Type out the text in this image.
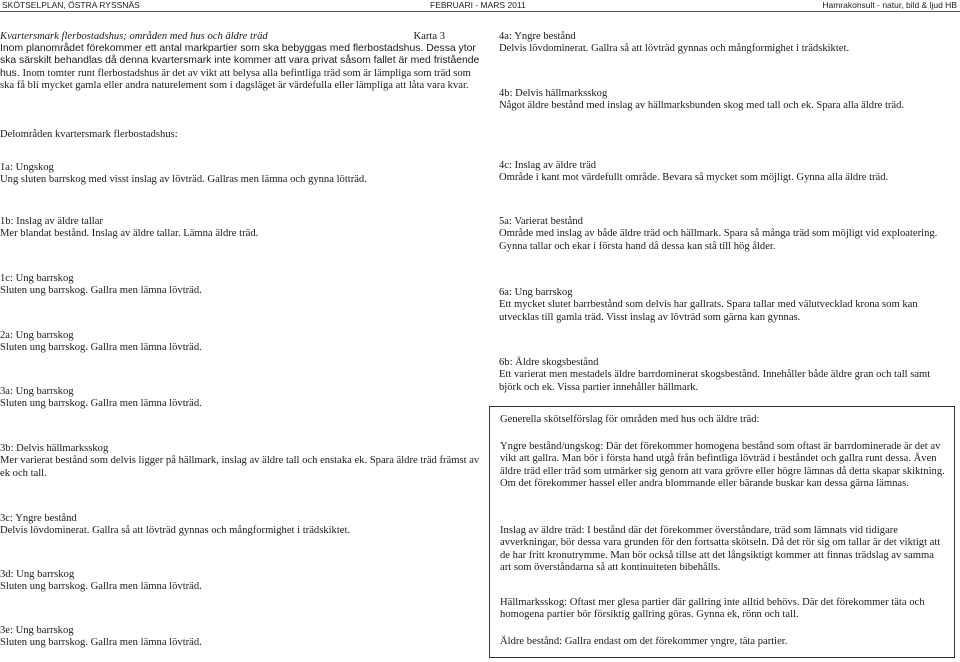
SKÖTSELPLAN, ÖSTRA RYSSNÄS	FEBRUARI - MARS 2011	Hamrakonsult - natur, bild & ljud HB

Kvartersmark flerbostadshus; områden med hus och äldre träd	Karta 3

Inom planområdet förekommer ett antal markpartier som ska bebyggas med flerbostadshus. Dessa ytor ska särskilt behandlas då denna kvartersmark inte kommer att vara privat såsom fallet är med fristående hus. Inom tomter runt flerbostadshus är det av vikt att belysa alla befintliga träd som är lämpliga som träd som ska få bli mycket gamla eller andra naturelement som i dagsläget är värdefulla eller lämpliga att låta vara kvar.

Delområden kvartersmark flerbostadshus:

1a: Ungskog

Ung sluten barrskog med visst inslag av lövträd. Gallras men lämna och gynna lötträd.

1b: Inslag av äldre tallar

Mer blandat bestånd. Inslag av äldre tallar. Lämna äldre träd.

1c: Ung barrskog

Sluten ung barrskog. Gallra men lämna lövträd.

2a: Ung barrskog

Sluten ung barrskog. Gallra men lämna lövträd.

3a: Ung barrskog

Sluten ung barrskog. Gallra men lämna lövträd.

3b: Delvis hällmarksskog

Mer varierat bestånd som delvis ligger på hällmark, inslag av äldre tall och enstaka ek. Spara äldre träd främst av ek och tall.

3c: Yngre bestånd

Delvis lövdominerat. Gallra så att lövträd gynnas och mångformighet i trädskiktet.

3d: Ung barrskog

Sluten ung barrskog. Gallra men lämna lövträd.

3e: Ung barrskog

Sluten ung barrskog. Gallra men lämna lövträd.

4a: Yngre bestånd

Delvis lövdominerat. Gallra så att lövträd gynnas och mångformighet i trädskiktet.

4b: Delvis hällmarksskog

Något äldre bestånd med inslag av hällmarksbunden skog med tall och ek. Spara alla äldre träd.

4c: Inslag av äldre träd

Område i kant mot värdefullt område. Bevara så mycket som möjligt. Gynna alla äldre träd.

5a: Varierat bestånd

Område med inslag av både äldre träd och hällmark. Spara så många träd som möjligt vid exploatering. Gynna tallar och ekar i första hand då dessa kan stå till hög ålder.

6a: Ung barrskog

Ett mycket slutet barrbestånd som delvis har gallrats. Spara tallar med välutvecklad krona som kan utvecklas till gamla träd. Visst inslag av lövträd som gärna kan gynnas.

6b: Äldre skogsbestånd

Ett varierat men mestadels äldre barrdominerat skogsbestånd. Innehåller både äldre gran och tall samt björk och ek. Vissa partier innehåller hällmark.

Generella skötselförslag för områden med hus och äldre träd:

Yngre bestånd/ungskog: Där det förekommer homogena bestånd som oftast är barrdominerade är det av vikt att gallra. Man bör i första hand utgå från befintliga lövträd i beståndet och gallra runt dessa. Även äldre träd eller träd som utmärker sig genom att vara grövre eller högre lämnas då detta skapar skiktning. Om det förekommer hassel eller andra blommande eller bärande buskar kan dessa gärna lämnas.

Inslag av äldre träd: I bestånd där det förekommer överståndare, träd som lämnats vid tidigare avverkningar, bör dessa vara grunden för den fortsatta skötseln. Då det rör sig om tallar är det viktigt att de har fritt kronutrymme. Man bör också tillse att det långsiktigt kommer att finnas trädslag av samma art som överståndarna så att kontinuiteten bibehålls.

Hällmarksskog: Oftast mer glesa partier där gallring inte alltid behövs. Där det förekommer täta och homogena partier bör försiktig gallring göras. Gynna ek, rönn och tall.

Äldre bestånd: Gallra endast om det förekommer yngre, täta partier.
